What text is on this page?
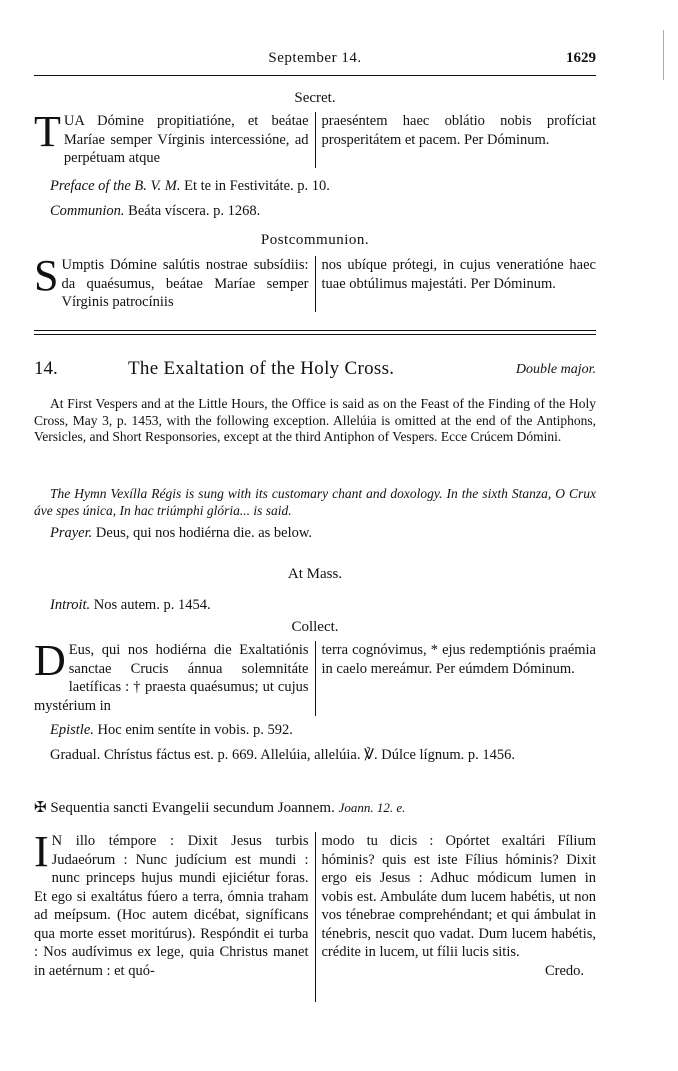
September 14.	1629
Secret.
T UA Dómine propitiatióne, et beátae Maríae semper Vírginis intercessióne, ad perpétuam atque
praeséntem haec oblátio nobis profíciat prosperitátem et pacem. Per Dóminum.
Preface of the B. V. M. Et te in Festivitáte. p. 10.
Communion. Beáta víscera. p. 1268.
Postcommunion.
S Umptis Dómine salútis nostrae subsídiis: da quaésumus, beátae Maríae semper Vírginis patrocíniis
nos ubíque prótegi, in cujus veneratióne haec tuae obtúlimus majestáti. Per Dóminum.
14.	The Exaltation of the Holy Cross.	Double major.
At First Vespers and at the Little Hours, the Office is said as on the Feast of the Finding of the Holy Cross, May 3, p. 1453, with the following exception. Allelúia is omitted at the end of the Antiphons, Versicles, and Short Responsories, except at the third Antiphon of Vespers. Ecce Crúcem Dómini.
The Hymn Vexílla Régis is sung with its customary chant and doxology. In the sixth Stanza, O Crux áve spes única, In hac triúmphi glória... is said.
Prayer. Deus, qui nos hodiérna die. as below.
At Mass.
Introit. Nos autem. p. 1454.
Collect.
D Eus, qui nos hodiérna die Exaltatiónis sanctae Crucis ánnua solemnitáte laetíficas : † praesta quaésumus; ut cujus mystérium in
terra cognóvimus, * ejus redemptiónis praémia in caelo mereámur. Per eúmdem Dóminum.
Epistle. Hoc enim sentíte in vobis. p. 592.
Gradual. Chrístus fáctus est. p. 669. Allelúia, allelúia. ℣. Dúlce lígnum. p. 1456.
✠ Sequentia sancti Evangelii secundum Joannem. Joann. 12. e.
I N illo témpore : Dixit Jesus turbis Judaeórum : Nunc judícium est mundi : nunc princeps hujus mundi ejiciétur foras. Et ego si exaltátus fúero a terra, ómnia traham ad meípsum. (Hoc autem dicébat, signíficans qua morte esset moritúrus). Respóndit ei turba : Nos audívimus ex lege, quia Christus manet in aetérnum : et quó-
modo tu dicis : Opórtet exaltári Fílium hóminis? quis est iste Fílius hóminis? Dixit ergo eis Jesus : Adhuc módicum lumen in vobis est. Ambuláte dum lucem habétis, ut non vos ténebrae comprehéndant; et qui ámbulat in ténebris, nescit quo vadat. Dum lucem habétis, crédite in lucem, ut fílii lucis sitis.
Credo.
